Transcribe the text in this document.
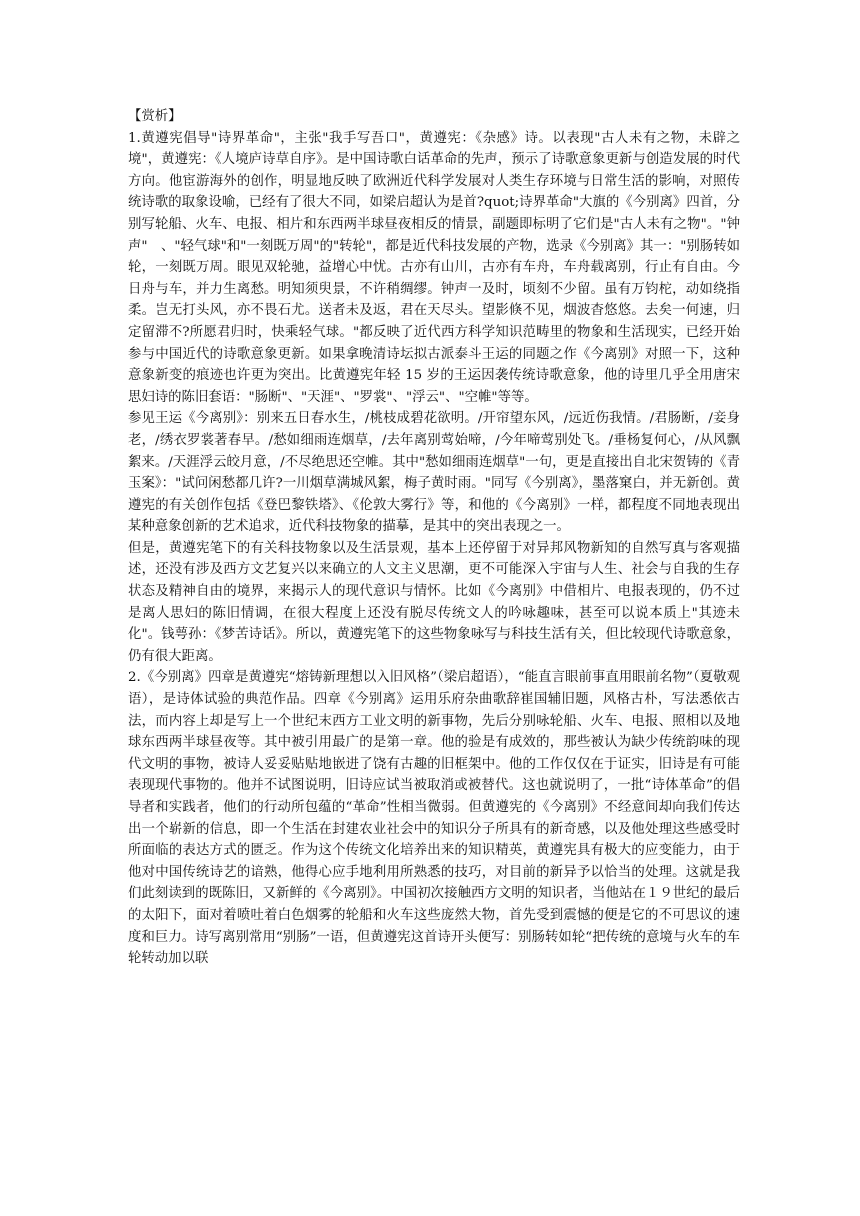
【赏析】

1.黄遵宪倡导"诗界革命"，主张"我手写吾口"，黄遵宪：《杂感》诗。以表现"古人未有之物，未辟之境"，黄遵宪：《人境庐诗草自序》。是中国诗歌白话革命的先声，预示了诗歌意象更新与创造发展的时代方向。他宦游海外的创作，明显地反映了欧洲近代科学发展对人类生存环境与日常生活的影响，对照传统诗歌的取象设喻，已经有了很大不同，如梁启超认为是首?quot;诗界革命"大旗的《今别离》四首，分别写轮船、火车、电报、相片和东西两半球昼夜相反的情景，副题即标明了它们是"古人未有之物"。"钟　声"　、"轻气球"和"一刻既万周"的"转轮"，都是近代科技发展的产物，选录《今别离》其一："别肠转如轮，一刻既万周。眼见双轮驰，益增心中忧。古亦有山川，古亦有车舟，车舟载离别，行止有自由。今日舟与车，并力生离愁。明知须臾景，不许稍绸缪。钟声一及时，顷刻不少留。虽有万钧柁，动如绕指柔。岂无打头风，亦不畏石尤。送者未及返，君在天尽头。望影倏不见，烟波杳悠悠。去矣一何速，归定留滞不?所愿君归时，快乘轻气球。"都反映了近代西方科学知识范畴里的物象和生活现实，已经开始参与中国近代的诗歌意象更新。如果拿晚清诗坛拟古派泰斗王运的同题之作《今离别》对照一下，这种意象新变的痕迹也许更为突出。比黄遵宪年轻 15 岁的王运因袭传统诗歌意象，他的诗里几乎全用唐宋思妇诗的陈旧套语："肠断"、"天涯"、"罗裳"、"浮云"、"空帷"等等。

参见王运《今离别》：别来五日春水生，/桃枝成碧花欲明。/开帘望东风，/远近伤我情。/君肠断，/妾身老，/绣衣罗裳著春早。/愁如细雨连烟草，/去年离别莺始啼，/今年啼莺别处飞。/垂杨复何心，/从风飘絮来。/天涯浮云皎月意，/不尽绝思还空帷。其中"愁如细雨连烟草"一句，更是直接出自北宋贺铸的《青玉案》："试问闲愁都几许?一川烟草满城风絮，梅子黄时雨。"同写《今别离》，墨落窠白，并无新创。黄遵宪的有关创作包括《登巴黎铁塔》、《伦敦大雾行》等，和他的《今离别》一样，都程度不同地表现出某种意象创新的艺术追求，近代科技物象的描摹，是其中的突出表现之一。

但是，黄遵宪笔下的有关科技物象以及生活景观，基本上还停留于对异邦风物新知的自然写真与客观描述，还没有涉及西方文艺复兴以来确立的人文主义思潮，更不可能深入宇宙与人生、社会与自我的生存状态及精神自由的境界，来揭示人的现代意识与情怀。比如《今离别》中借相片、电报表现的，仍不过是离人思妇的陈旧情调，在很大程度上还没有脱尽传统文人的吟咏趣味，甚至可以说本质上"其迹未化"。钱萼孙：《梦苦诗话》。所以，黄遵宪笔下的这些物象咏写与科技生活有关，但比较现代诗歌意象，仍有很大距离。

2.《今别离》四章是黄遵宪“熔铸新理想以入旧风格”（梁启超语），“能直言眼前事直用眼前名物”（夏敬观语），是诗体试验的典范作品。四章《今别离》运用乐府杂曲歌辞崔国辅旧题，风格古朴，写法悉依古法，而内容上却是写上一个世纪末西方工业文明的新事物，先后分别咏轮船、火车、电报、照相以及地球东西两半球昼夜等。其中被引用最广的是第一章。他的验是有成效的，那些被认为缺少传统韵味的现代文明的事物，被诗人妥妥贴贴地嵌进了饶有古趣的旧框架中。他的工作仅仅在于证实，旧诗是有可能表现现代事物的。他并不试图说明，旧诗应试当被取消或被替代。这也就说明了，一批“诗体革命”的倡导者和实践者，他们的行动所包蕴的“革命”性相当微弱。但黄遵宪的《今离别》不经意间却向我们传达出一个崭新的信息，即一个生活在封建农业社会中的知识分子所具有的新奇感，以及他处理这些感受时所面临的表达方式的匮乏。作为这个传统文化培养出来的知识精英，黄遵宪具有极大的应变能力，由于他对中国传统诗艺的谙熟，他得心应手地利用所熟悉的技巧，对目前的新异予以恰当的处理。这就是我们此刻读到的既陈旧，又新鲜的《今离别》。中国初次接触西方文明的知识者，当他站在１９世纪的最后的太阳下，面对着喷吐着白色烟雾的轮船和火车这些庞然大物，首先受到震憾的便是它的不可思议的速度和巨力。诗写离别常用“别肠”一语，但黄遵宪这首诗开头便写：别肠转如轮“把传统的意境与火车的车轮转动加以联
